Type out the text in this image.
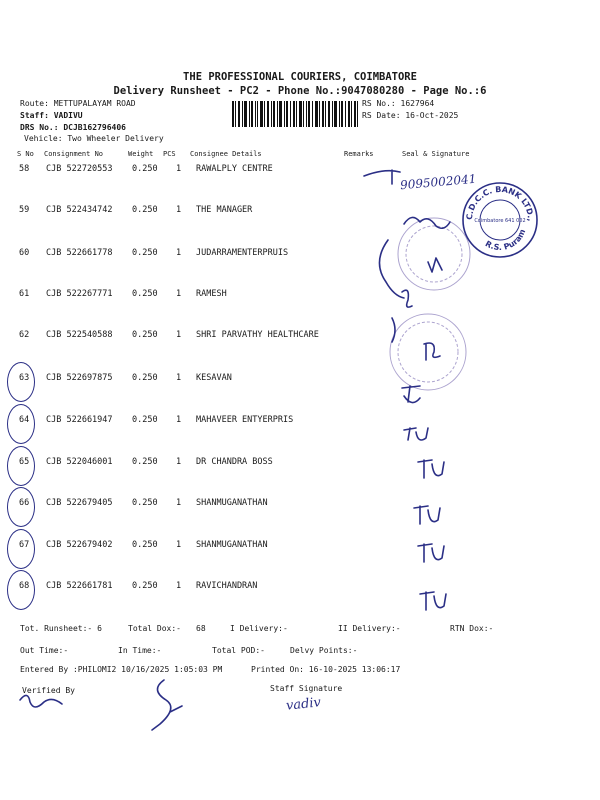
THE PROFESSIONAL COURIERS, COIMBATORE
Delivery Runsheet - PC2 - Phone No.:9047080280 - Page No.:6
Route: METTUPALAYAM ROAD
Staff: VADIVU
DRS No.: DCJB162796406
Vehicle: Two Wheeler Delivery
RS No.: 1627964
RS Date: 16-Oct-2025
S No Consignment No	Weight PCS Consignee Details	Remarks	Seal & Signature
58 CJB 522720553 0.250 1 RAWALPLY CENTRE
59 CJB 522434742 0.250 1 THE MANAGER
60 CJB 522661778 0.250 1 JUDARRAMENTERPRUIS
61 CJB 522267771 0.250 1 RAMESH
62 CJB 522540588 0.250 1 SHRI PARVATHY HEALTHCARE
63 CJB 522697875 0.250 1 KESAVAN
64 CJB 522661947 0.250 1 MAHAVEER ENTYERPRIS
65 CJB 522046001 0.250 1 DR CHANDRA BOSS
66 CJB 522679405 0.250 1 SHANMUGANATHAN
67 CJB 522679402 0.250 1 SHANMUGANATHAN
68 CJB 522661781 0.250 1 RAVICHANDRAN
Tot. Runsheet:- 6	Total Dox:- 68	I Delivery:-	II Delivery:-	RTN Dox:-
Out Time:-	In Time:-	Total POD:-	Delvy Points:-
Entered By :PHILOMI2 10/16/2025 1:05:03 PM	Printed On: 16-10-2025 13:06:17
Verified By	Staff Signature
9095002041
vadiv
C.D.C.C. BANK LTD.,
R.S. Puram
Coimbatore 641 002
